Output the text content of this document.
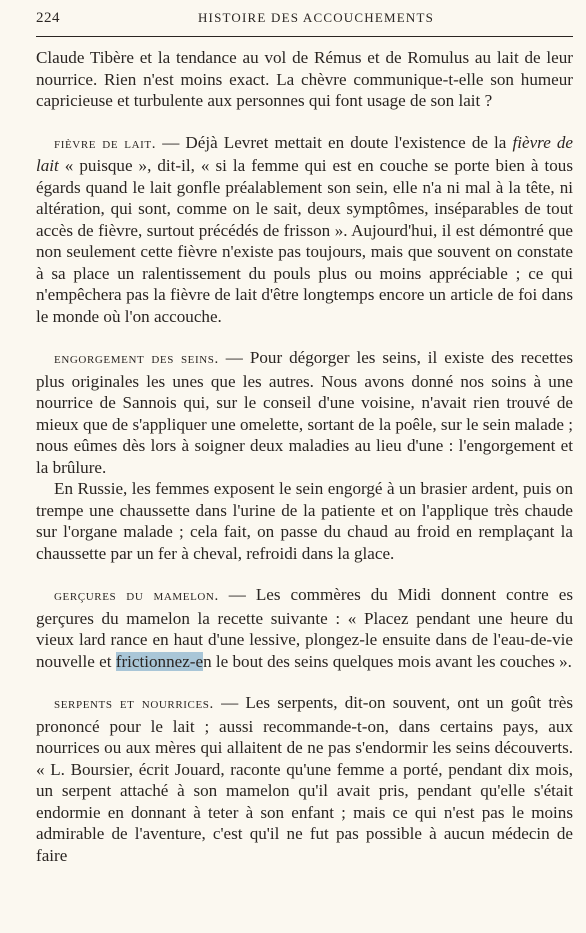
224	HISTOIRE DES ACCOUCHEMENTS

Claude Tibère et la tendance au vol de Rémus et de Romulus au lait de leur nourrice. Rien n'est moins exact. La chèvre communique-t-elle son humeur capricieuse et turbulente aux personnes qui font usage de son lait ?

fièvre de lait. — Déjà Levret mettait en doute l'existence de la fièvre de lait « puisque », dit-il, « si la femme qui est en couche se porte bien à tous égards quand le lait gonfle préalablement son sein, elle n'a ni mal à la tête, ni altération, qui sont, comme on le sait, deux symptômes, inséparables de tout accès de fièvre, surtout précédés de frisson ». Aujourd'hui, il est démontré que non seulement cette fièvre n'existe pas toujours, mais que souvent on constate à sa place un ralentissement du pouls plus ou moins appréciable ; ce qui n'empêchera pas la fièvre de lait d'être longtemps encore un article de foi dans le monde où l'on accouche.

engorgement des seins. — Pour dégorger les seins, il existe des recettes plus originales les unes que les autres. Nous avons donné nos soins à une nourrice de Sannois qui, sur le conseil d'une voisine, n'avait rien trouvé de mieux que de s'appliquer une omelette, sortant de la poêle, sur le sein malade ; nous eûmes dès lors à soigner deux maladies au lieu d'une : l'engorgement et la brûlure.

En Russie, les femmes exposent le sein engorgé à un brasier ardent, puis on trempe une chaussette dans l'urine de la patiente et on l'applique très chaude sur l'organe malade ; cela fait, on passe du chaud au froid en remplaçant la chaussette par un fer à cheval, refroidi dans la glace.

gerçures du mamelon. — Les commères du Midi donnent contre es gerçures du mamelon la recette suivante : « Placez pendant une heure du vieux lard rance en haut d'une lessive, plongez-le ensuite dans de l'eau-de-vie nouvelle et frictionnez-en le bout des seins quelques mois avant les couches ».

serpents et nourrices. — Les serpents, dit-on souvent, ont un goût très prononcé pour le lait ; aussi recommande-t-on, dans certains pays, aux nourrices ou aux mères qui allaitent de ne pas s'endormir les seins découverts. « L. Boursier, écrit Jouard, raconte qu'une femme a porté, pendant dix mois, un serpent attaché à son mamelon qu'il avait pris, pendant qu'elle s'était endormie en donnant à teter à son enfant ; mais ce qui n'est pas le moins admirable de l'aventure, c'est qu'il ne fut pas possible à aucun médecin de faire
